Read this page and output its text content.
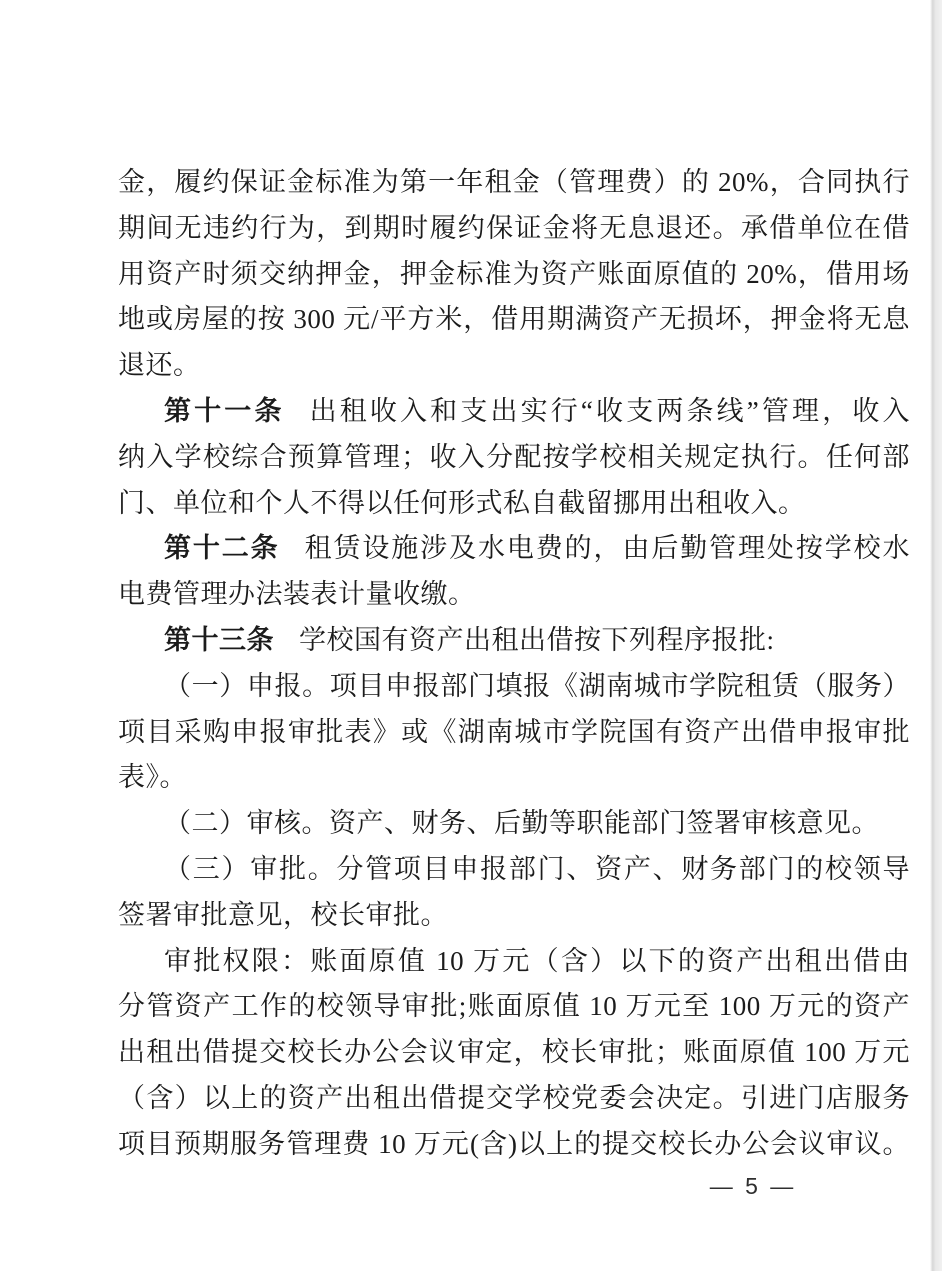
金，履约保证金标准为第一年租金（管理费）的 20%，合同执行
期间无违约行为，到期时履约保证金将无息退还。承借单位在借
用资产时须交纳押金，押金标准为资产账面原值的 20%，借用场
地或房屋的按 300 元/平方米，借用期满资产无损坏，押金将无息
退还。
第十一条 出租收入和支出实行“收支两条线”管理，收入
纳入学校综合预算管理；收入分配按学校相关规定执行。任何部
门、单位和个人不得以任何形式私自截留挪用出租收入。
第十二条 租赁设施涉及水电费的，由后勤管理处按学校水
电费管理办法装表计量收缴。
第十三条 学校国有资产出租出借按下列程序报批:
（一）申报。项目申报部门填报《湖南城市学院租赁（服务）
项目采购申报审批表》或《湖南城市学院国有资产出借申报审批
表》。
（二）审核。资产、财务、后勤等职能部门签署审核意见。
（三）审批。分管项目申报部门、资产、财务部门的校领导
签署审批意见，校长审批。
审批权限：账面原值 10 万元（含）以下的资产出租出借由
分管资产工作的校领导审批;账面原值 10 万元至 100 万元的资产
出租出借提交校长办公会议审定，校长审批；账面原值 100 万元
（含）以上的资产出租出借提交学校党委会决定。引进门店服务
项目预期服务管理费 10 万元(含)以上的提交校长办公会议审议。
— 5 —
